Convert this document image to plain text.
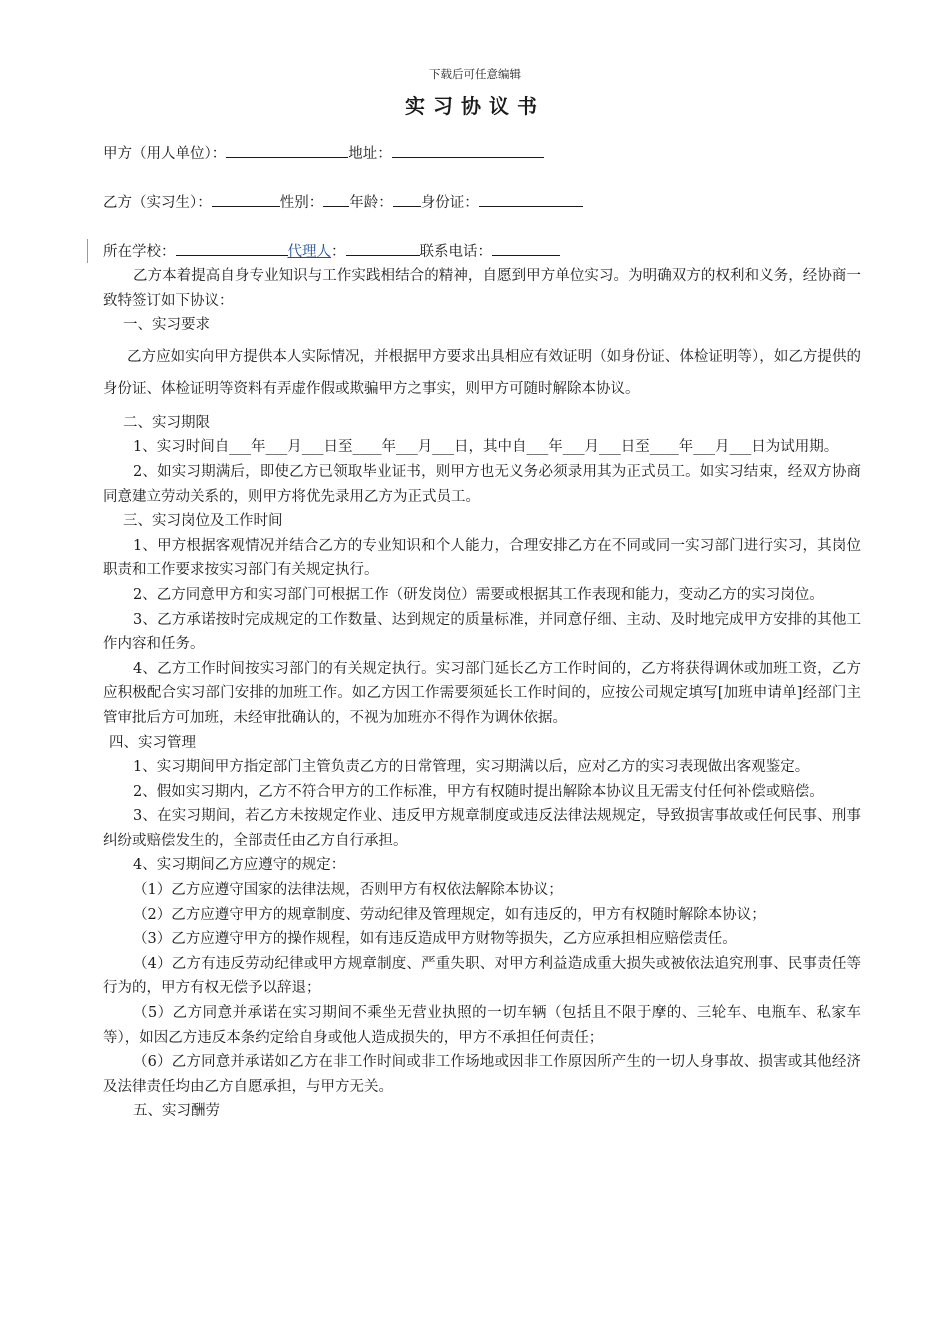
下载后可任意编辑
实习协议书
甲方（用人单位）：	地址：
乙方（实习生）：	性别： 年龄： 身份证：
所在学校：	代理人：	联系电话：

乙方本着提高自身专业知识与工作实践相结合的精神，自愿到甲方单位实习。为明确双方的权利和义务，经协商一致特签订如下协议：

一、实习要求

乙方应如实向甲方提供本人实际情况，并根据甲方要求出具相应有效证明（如身份证、体检证明等），如乙方提供的身份证、体检证明等资料有弄虚作假或欺骗甲方之事实，则甲方可随时解除本协议。

二、实习期限

1、实习时间自___年___月___日至____年___月___日，其中自___年___月___日至____年___月___日为试用期。

2、如实习期满后，即使乙方已领取毕业证书，则甲方也无义务必须录用其为正式员工。如实习结束，经双方协商同意建立劳动关系的，则甲方将优先录用乙方为正式员工。

三、实习岗位及工作时间

1、甲方根据客观情况并结合乙方的专业知识和个人能力，合理安排乙方在不同或同一实习部门进行实习，其岗位职责和工作要求按实习部门有关规定执行。

2、乙方同意甲方和实习部门可根据工作（研发岗位）需要或根据其工作表现和能力，变动乙方的实习岗位。

3、乙方承诺按时完成规定的工作数量、达到规定的质量标准，并同意仔细、主动、及时地完成甲方安排的其他工作内容和任务。

4、乙方工作时间按实习部门的有关规定执行。实习部门延长乙方工作时间的，乙方将获得调休或加班工资，乙方应积极配合实习部门安排的加班工作。如乙方因工作需要须延长工作时间的，应按公司规定填写[加班申请单]经部门主管审批后方可加班，未经审批确认的，不视为加班亦不得作为调休依据。

四、实习管理

1、实习期间甲方指定部门主管负责乙方的日常管理，实习期满以后，应对乙方的实习表现做出客观鉴定。

2、假如实习期内，乙方不符合甲方的工作标准，甲方有权随时提出解除本协议且无需支付任何补偿或赔偿。

3、在实习期间，若乙方未按规定作业、违反甲方规章制度或违反法律法规规定，导致损害事故或任何民事、刑事纠纷或赔偿发生的，全部责任由乙方自行承担。

4、实习期间乙方应遵守的规定：

（1）乙方应遵守国家的法律法规，否则甲方有权依法解除本协议；

（2）乙方应遵守甲方的规章制度、劳动纪律及管理规定，如有违反的，甲方有权随时解除本协议；

（3）乙方应遵守甲方的操作规程，如有违反造成甲方财物等损失，乙方应承担相应赔偿责任。

（4）乙方有违反劳动纪律或甲方规章制度、严重失职、对甲方利益造成重大损失或被依法追究刑事、民事责任等行为的，甲方有权无偿予以辞退；

（5）乙方同意并承诺在实习期间不乘坐无营业执照的一切车辆（包括且不限于摩的、三轮车、电瓶车、私家车等），如因乙方违反本条约定给自身或他人造成损失的，甲方不承担任何责任；

（6）乙方同意并承诺如乙方在非工作时间或非工作场地或因非工作原因所产生的一切人身事故、损害或其他经济及法律责任均由乙方自愿承担，与甲方无关。

五、实习酬劳
